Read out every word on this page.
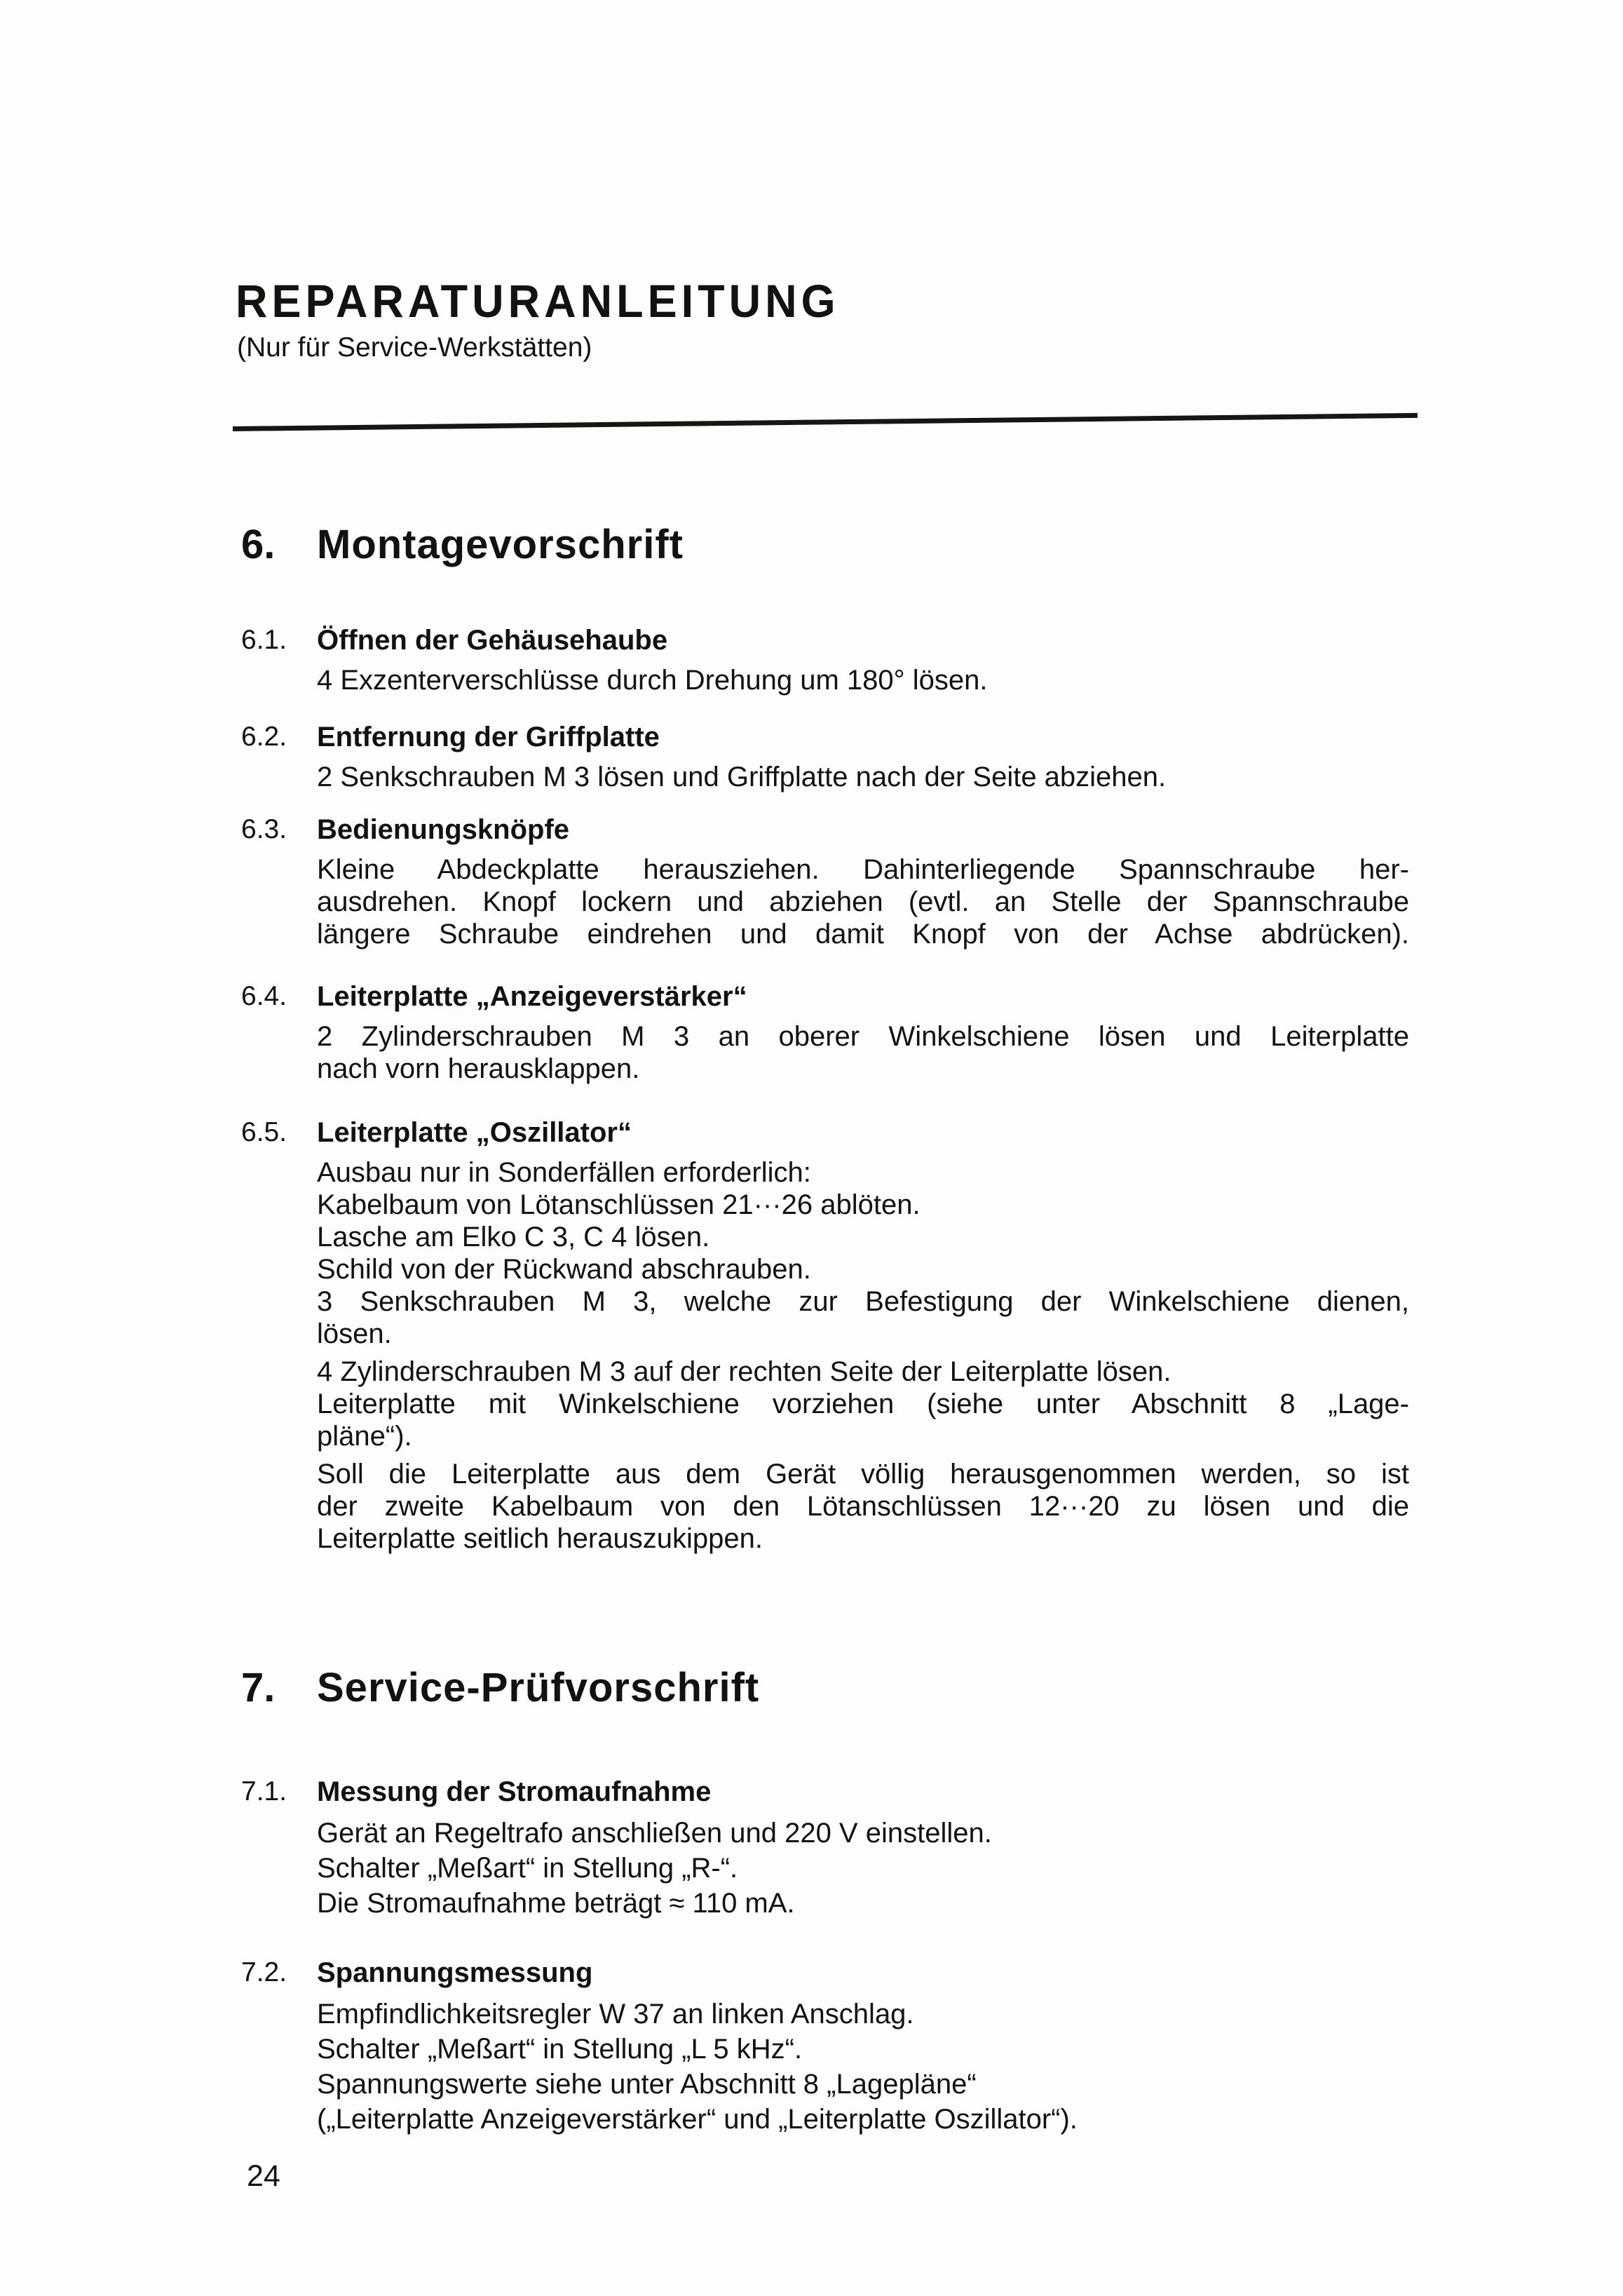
REPARATURANLEITUNG
(Nur für Service-Werkstätten)
6.	Montagevorschrift
6.1.	Öffnen der Gehäusehaube
4 Exzenterverschlüsse durch Drehung um 180° lösen.
6.2.	Entfernung der Griffplatte
2 Senkschrauben M 3 lösen und Griffplatte nach der Seite abziehen.
6.3.	Bedienungsknöpfe
Kleine Abdeckplatte herausziehen. Dahinterliegende Spannschraube her-
ausdrehen. Knopf lockern und abziehen (evtl. an Stelle der Spannschraube
längere Schraube eindrehen und damit Knopf von der Achse abdrücken).
6.4.	Leiterplatte „Anzeigeverstärker“
2 Zylinderschrauben M 3 an oberer Winkelschiene lösen und Leiterplatte
nach vorn herausklappen.
6.5.	Leiterplatte „Oszillator“
Ausbau nur in Sonderfällen erforderlich:
Kabelbaum von Lötanschlüssen 21···26 ablöten.
Lasche am Elko C 3, C 4 lösen.
Schild von der Rückwand abschrauben.
3 Senkschrauben M 3, welche zur Befestigung der Winkelschiene dienen,
lösen.
4 Zylinderschrauben M 3 auf der rechten Seite der Leiterplatte lösen.
Leiterplatte mit Winkelschiene vorziehen (siehe unter Abschnitt 8 „Lage-
pläne“).
Soll die Leiterplatte aus dem Gerät völlig herausgenommen werden, so ist
der zweite Kabelbaum von den Lötanschlüssen 12···20 zu lösen und die
Leiterplatte seitlich herauszukippen.
7.	Service-Prüfvorschrift
7.1.	Messung der Stromaufnahme
Gerät an Regeltrafo anschließen und 220 V einstellen.
Schalter „Meßart“ in Stellung „R-“.
Die Stromaufnahme beträgt ≈ 110 mA.
7.2.	Spannungsmessung
Empfindlichkeitsregler W 37 an linken Anschlag.
Schalter „Meßart“ in Stellung „L 5 kHz“.
Spannungswerte siehe unter Abschnitt 8 „Lagepläne“
(„Leiterplatte Anzeigeverstärker“ und „Leiterplatte Oszillator“).
24
